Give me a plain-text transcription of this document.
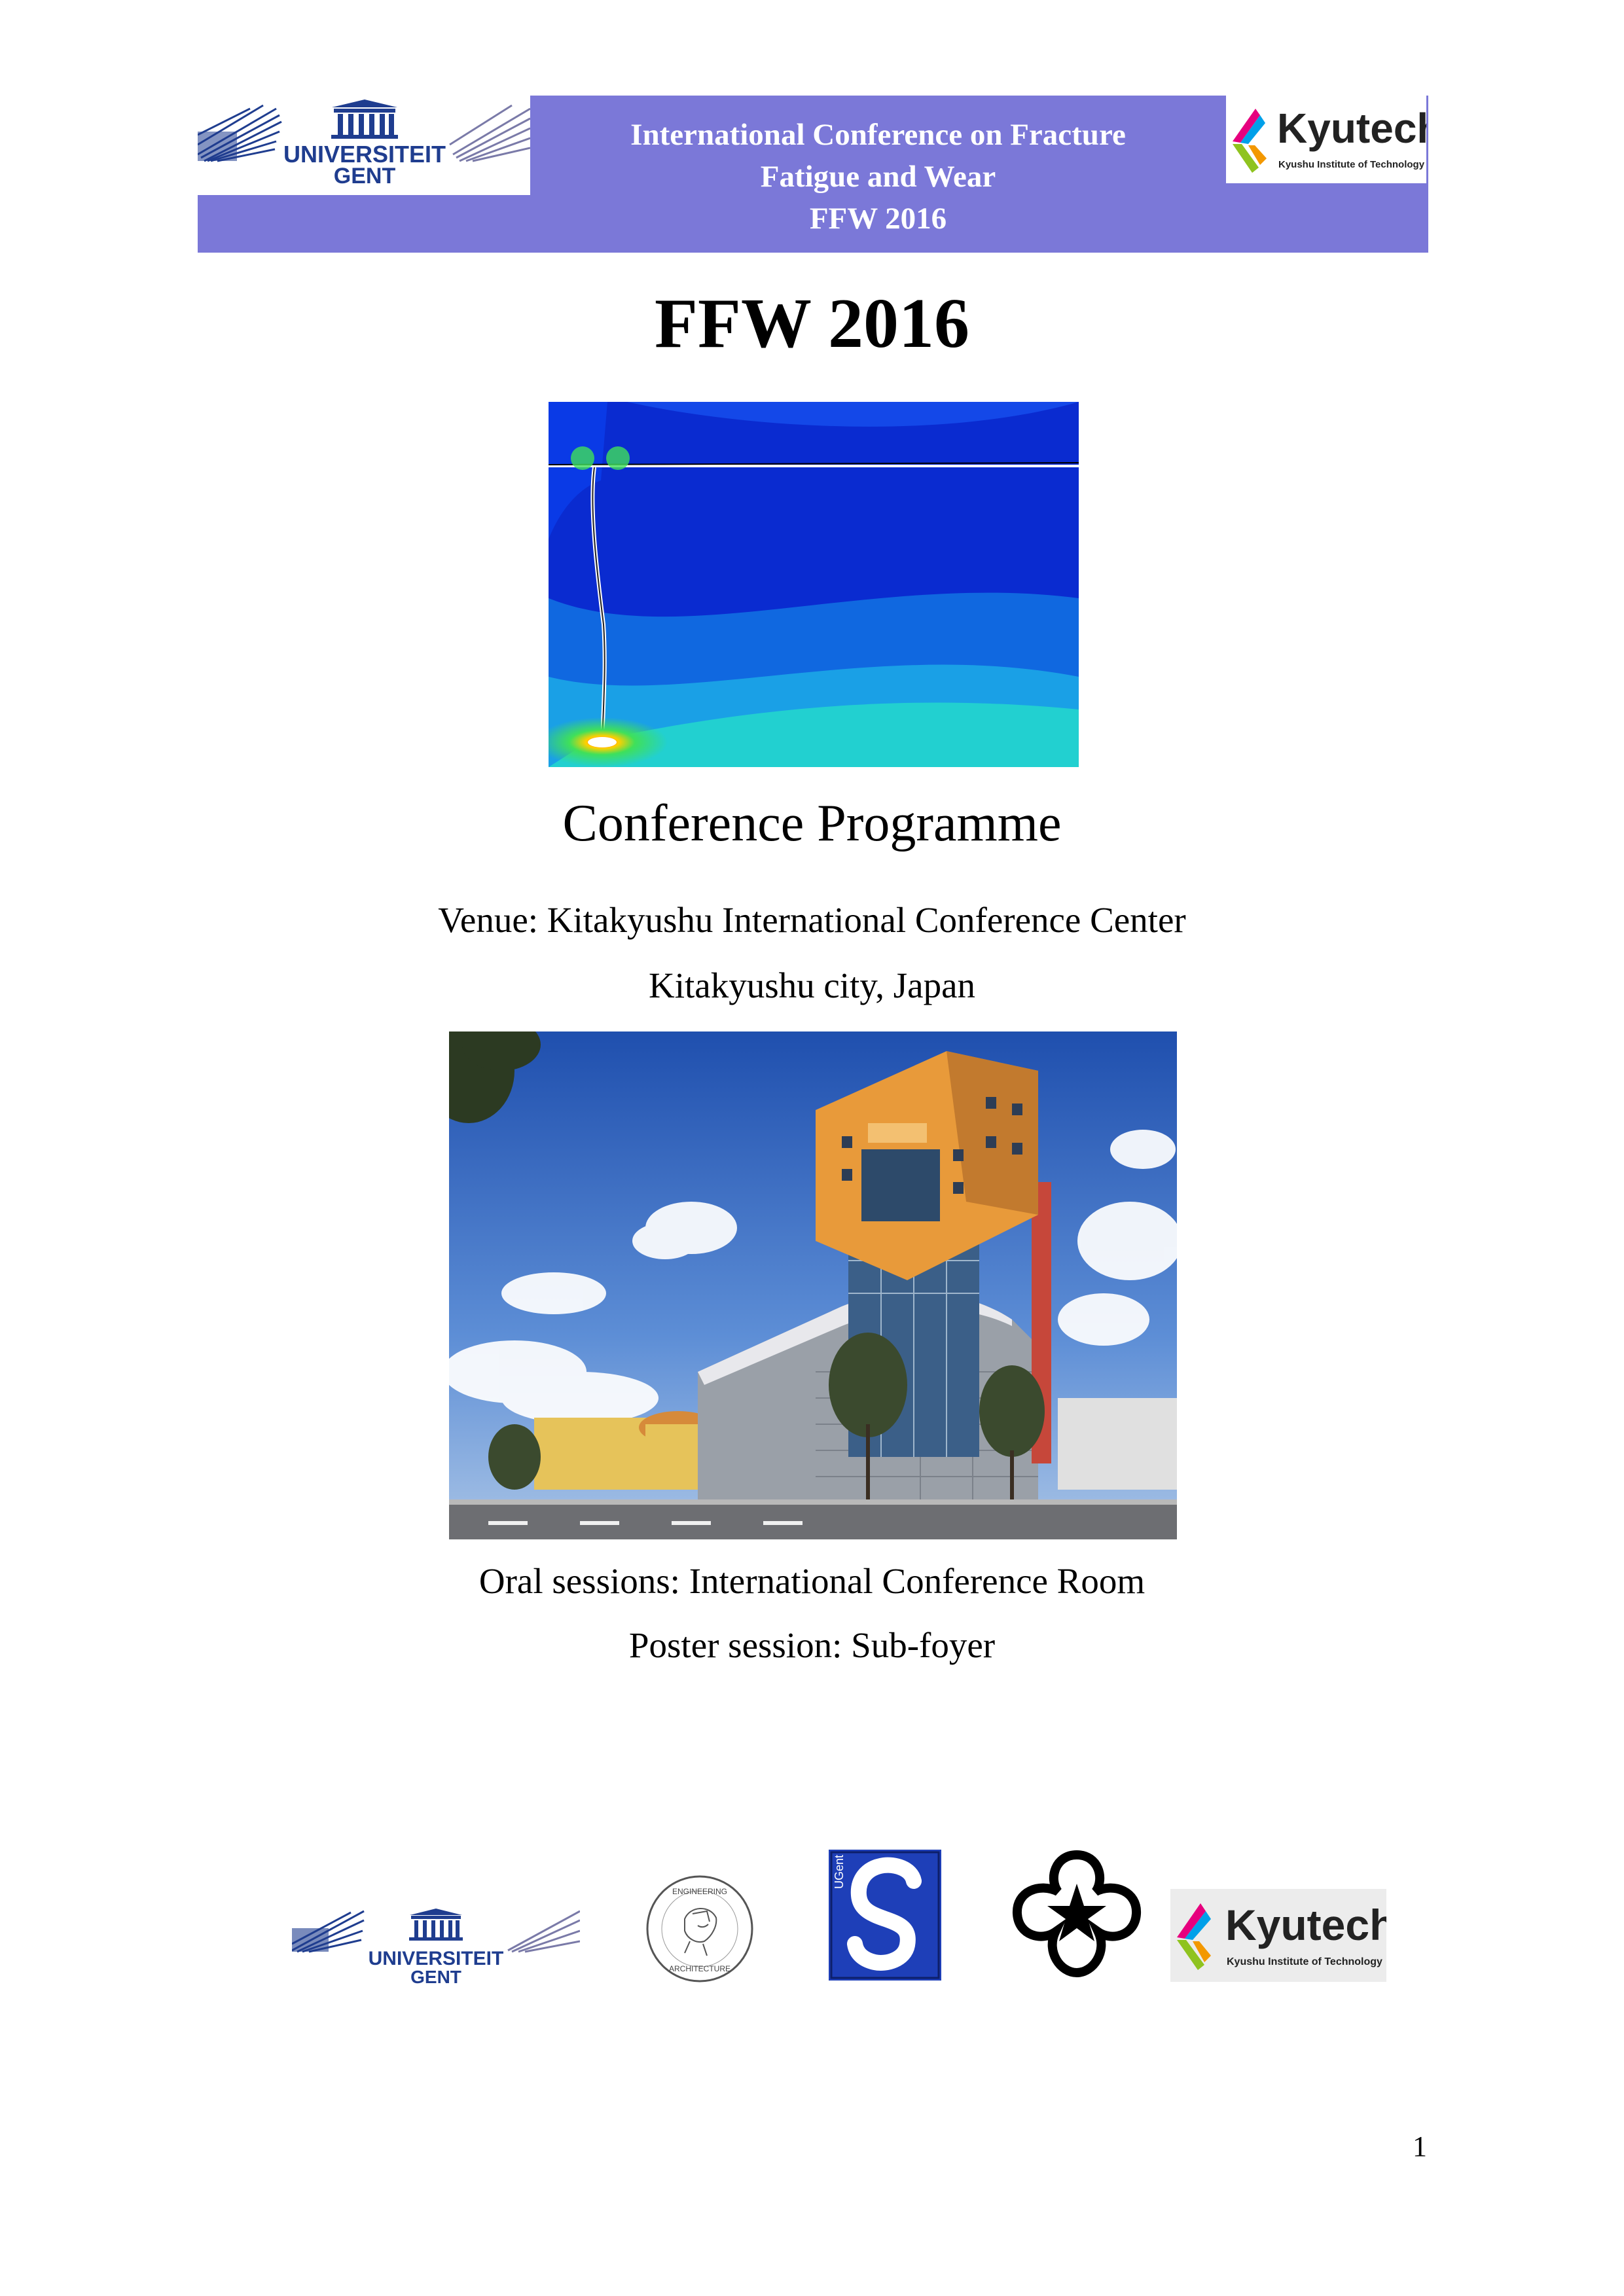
UNIVERSITEIT
GENT
International Conference on Fracture
Fatigue and Wear
FFW 2016
Kyutech
Kyushu Institute of Technology
FFW 2016
Conference Programme
Venue: Kitakyushu International Conference Center
Kitakyushu city, Japan
Oral sessions: International Conference Room
Poster session: Sub-foyer
UNIVERSITEIT
GENT
ENGINEERING
ARCHITECTURE
UGent
Kyutech
Kyushu Institute of Technology
1
